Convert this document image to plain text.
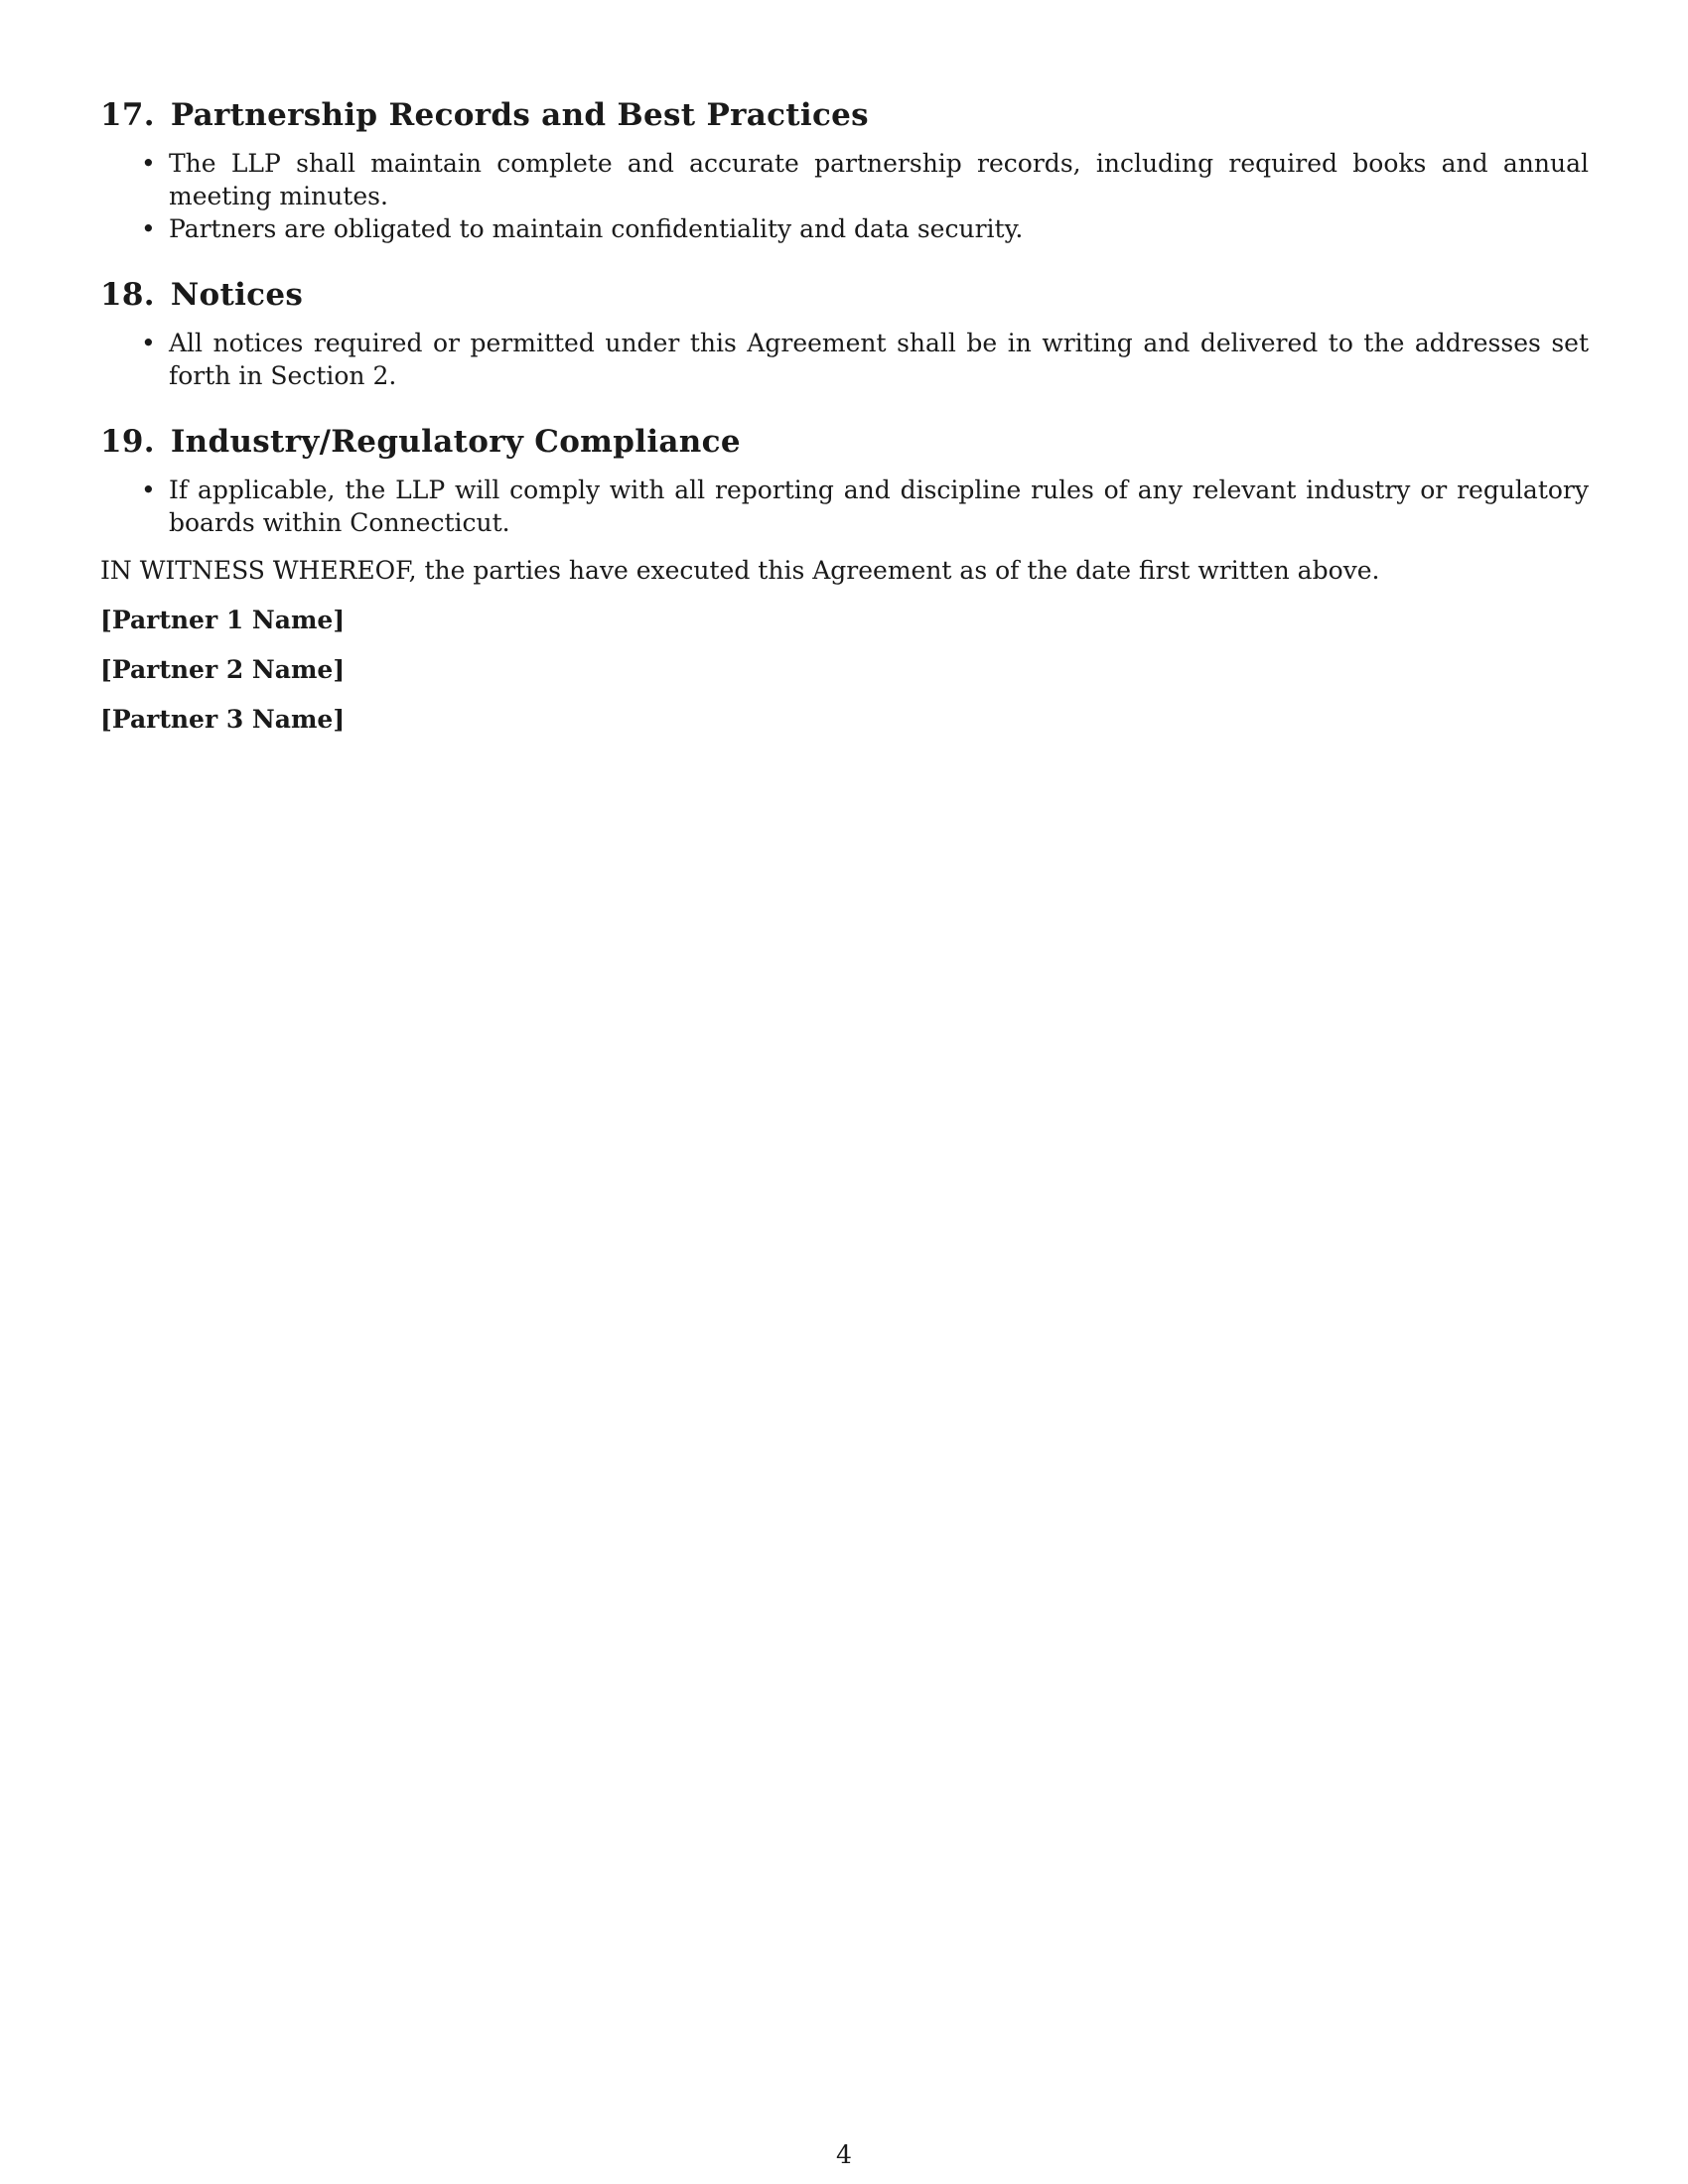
17. Partnership Records and Best Practices
• The LLP shall maintain complete and accurate partnership records, including required books and annual meeting minutes.
• Partners are obligated to maintain confidentiality and data security.
18. Notices
• All notices required or permitted under this Agreement shall be in writing and delivered to the addresses set forth in Section 2.
19. Industry/Regulatory Compliance
• If applicable, the LLP will comply with all reporting and discipline rules of any relevant industry or regulatory boards within Connecticut.

IN WITNESS WHEREOF, the parties have executed this Agreement as of the date first written above.

[Partner 1 Name]
[Partner 2 Name]
[Partner 3 Name]
4
